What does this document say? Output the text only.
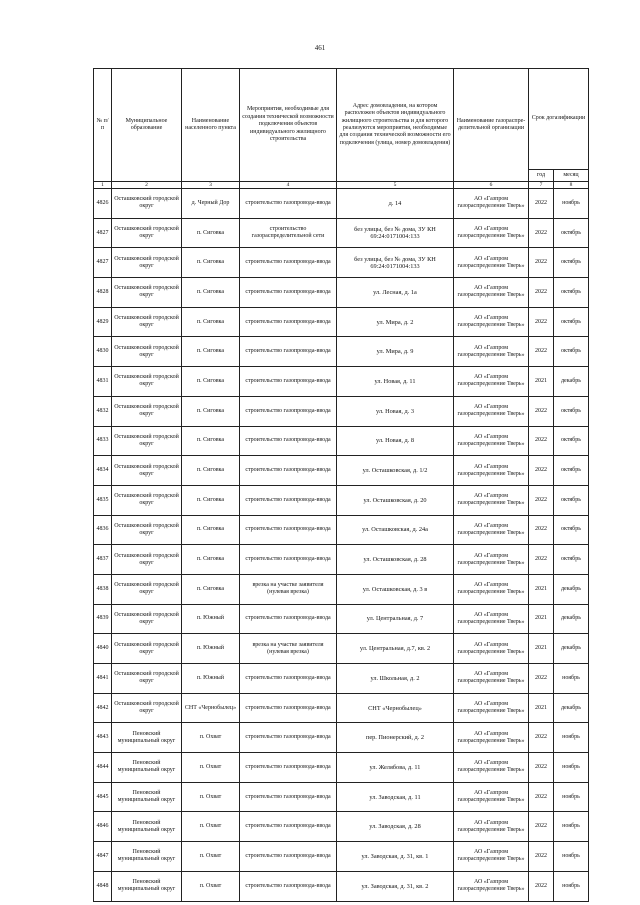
461
№ п/п	Муниципальное образование	Наименование населенного пункта	Мероприятия, необходимые для создания технической возможности подключения объектов индивидуального жилищного строительства	Адрес домовладения, на котором расположен объектов индивидуального жилищного строительства и для которого реализуются мероприятия, необходимые для создания технической возможности его подключения (улица, номер домовладения)	Наименование газораспре-делительной организации	Срок догазификации	
						год	месяц
1	2	3	4	5	6	7	8
4826	Осташковский городской округ	д. Черный Дор	строительство газопровода-ввода	д. 14	АО «Газпром газораспределение Тверь»	2022	ноябрь
4827	Осташковский городской округ	п. Сиговка	строительство газораспределительной сети	без улицы, без № дома, ЗУ КН 69:24:0171004:133	АО «Газпром газораспределение Тверь»	2022	октябрь
4827	Осташковский городской округ	п. Сиговка	строительство газопровода-ввода	без улицы, без № дома, ЗУ КН 69:24:0171004:133	АО «Газпром газораспределение Тверь»	2022	октябрь
4828	Осташковский городской округ	п. Сиговка	строительство газопровода-ввода	ул. Лесная, д. 1а	АО «Газпром газораспределение Тверь»	2022	октябрь
4829	Осташковский городской округ	п. Сиговка	строительство газопровода-ввода	ул. Мира, д. 2	АО «Газпром газораспределение Тверь»	2022	октябрь
4830	Осташковский городской округ	п. Сиговка	строительство газопровода-ввода	ул. Мира, д. 9	АО «Газпром газораспределение Тверь»	2022	октябрь
4831	Осташковский городской округ	п. Сиговка	строительство газопровода-ввода	ул. Новая, д. 11	АО «Газпром газораспределение Тверь»	2021	декабрь
4832	Осташковский городской округ	п. Сиговка	строительство газопровода-ввода	ул. Новая, д. 3	АО «Газпром газораспределение Тверь»	2022	октябрь
4833	Осташковский городской округ	п. Сиговка	строительство газопровода-ввода	ул. Новая, д. 8	АО «Газпром газораспределение Тверь»	2022	октябрь
4834	Осташковский городской округ	п. Сиговка	строительство газопровода-ввода	ул. Осташковская, д. 1/2	АО «Газпром газораспределение Тверь»	2022	октябрь
4835	Осташковский городской округ	п. Сиговка	строительство газопровода-ввода	ул. Осташковская, д. 20	АО «Газпром газораспределение Тверь»	2022	октябрь
4836	Осташковский городской округ	п. Сиговка	строительство газопровода-ввода	ул. Осташковская, д. 24а	АО «Газпром газораспределение Тверь»	2022	октябрь
4837	Осташковский городской округ	п. Сиговка	строительство газопровода-ввода	ул. Осташковская, д. 28	АО «Газпром газораспределение Тверь»	2022	октябрь
4838	Осташковский городской округ	п. Сиговка	врезка на участке заявителя (нулевая врезка)	ул. Осташковская, д. 3 в	АО «Газпром газораспределение Тверь»	2021	декабрь
4839	Осташковский городской округ	п. Южный	строительство газопровода-ввода	ул. Центральная, д. 7	АО «Газпром газораспределение Тверь»	2021	декабрь
4840	Осташковский городской округ	п. Южный	врезка на участке заявителя (нулевая врезка)	ул. Центральная, д.7, кв. 2	АО «Газпром газораспределение Тверь»	2021	декабрь
4841	Осташковский городской округ	п. Южный	строительство газопровода-ввода	ул. Школьная, д. 2	АО «Газпром газораспределение Тверь»	2022	ноябрь
4842	Осташковский городской округ	СНТ «Чернобылец»	строительство газопровода-ввода	СНТ «Чернобылец»	АО «Газпром газораспределение Тверь»	2021	декабрь
4843	Пеновский муниципальный округ	п. Охват	строительство газопровода-ввода	пер. Пионерский, д. 2	АО «Газпром газораспределение Тверь»	2022	ноябрь
4844	Пеновский муниципальный округ	п. Охват	строительство газопровода-ввода	ул. Желябова, д. 11	АО «Газпром газораспределение Тверь»	2022	ноябрь
4845	Пеновский муниципальный округ	п. Охват	строительство газопровода-ввода	ул. Заводская, д. 11	АО «Газпром газораспределение Тверь»	2022	ноябрь
4846	Пеновский муниципальный округ	п. Охват	строительство газопровода-ввода	ул. Заводская, д. 28	АО «Газпром газораспределение Тверь»	2022	ноябрь
4847	Пеновский муниципальный округ	п. Охват	строительство газопровода-ввода	ул. Заводская, д. 31, кв. 1	АО «Газпром газораспределение Тверь»	2022	ноябрь
4848	Пеновский муниципальный округ	п. Охват	строительство газопровода-ввода	ул. Заводская, д. 31, кв. 2	АО «Газпром газораспределение Тверь»	2022	ноябрь
